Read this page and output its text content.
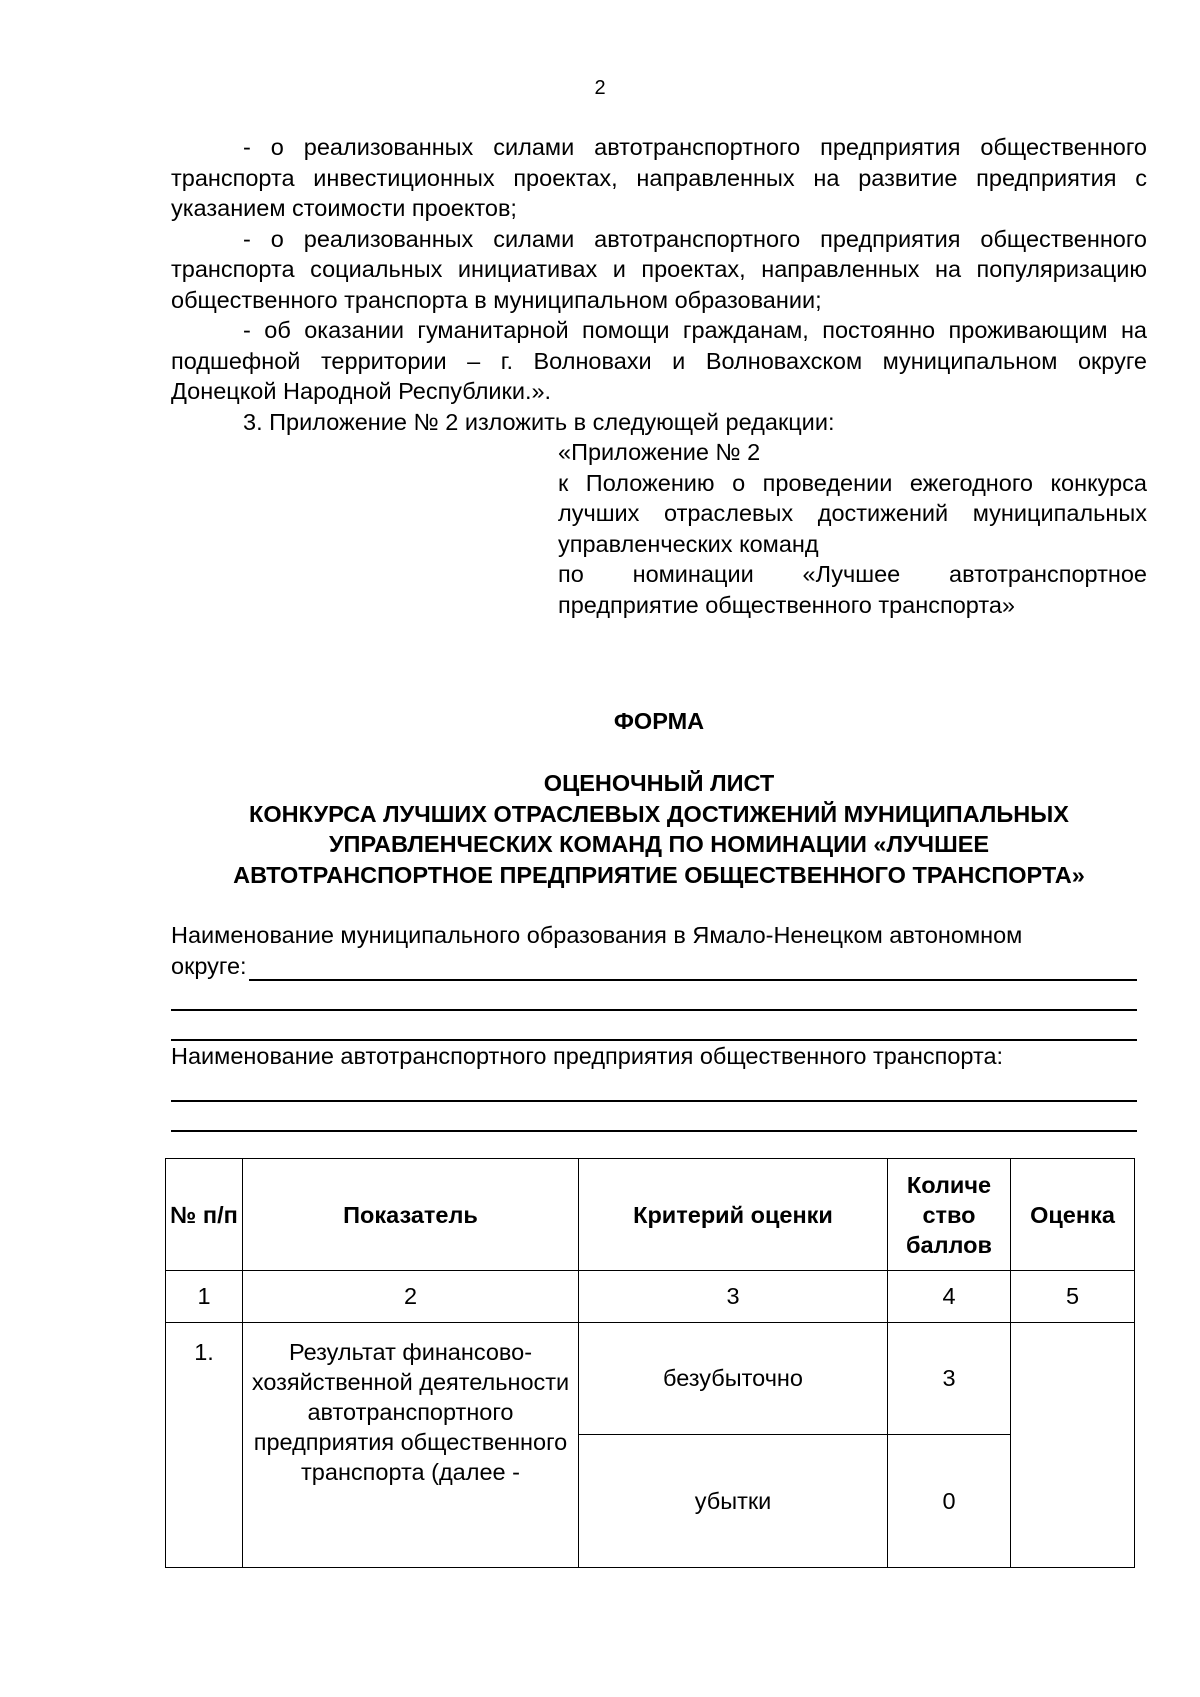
2
- о реализованных силами автотранспортного предприятия общественного транспорта инвестиционных проектах, направленных на развитие предприятия с указанием стоимости проектов;
- о реализованных силами автотранспортного предприятия общественного транспорта социальных инициативах и проектах, направленных на популяризацию общественного транспорта в муниципальном образовании;
- об оказании гуманитарной помощи гражданам, постоянно проживающим на подшефной территории – г. Волновахи и Волновахском муниципальном округе Донецкой Народной Республики.».
3. Приложение № 2 изложить в следующей редакции:
«Приложение № 2
к Положению о проведении ежегодного конкурса лучших отраслевых достижений муниципальных управленческих команд
по номинации «Лучшее автотранспортное предприятие общественного транспорта»
ФОРМА
ОЦЕНОЧНЫЙ ЛИСТ
КОНКУРСА ЛУЧШИХ ОТРАСЛЕВЫХ ДОСТИЖЕНИЙ МУНИЦИПАЛЬНЫХ
УПРАВЛЕНЧЕСКИХ КОМАНД ПО НОМИНАЦИИ «ЛУЧШЕЕ
АВТОТРАНСПОРТНОЕ ПРЕДПРИЯТИЕ ОБЩЕСТВЕННОГО ТРАНСПОРТА»
Наименование муниципального образования в Ямало-Ненецком автономном
округе:
Наименование автотранспортного предприятия общественного транспорта:
№ п/п	Показатель	Критерий оценки	Количе ство баллов	Оценка
1	2	3	4	5
1.	Результат финансово-хозяйственной деятельности автотранспортного предприятия общественного транспорта (далее -	безубыточно	3	
		убытки	0	
